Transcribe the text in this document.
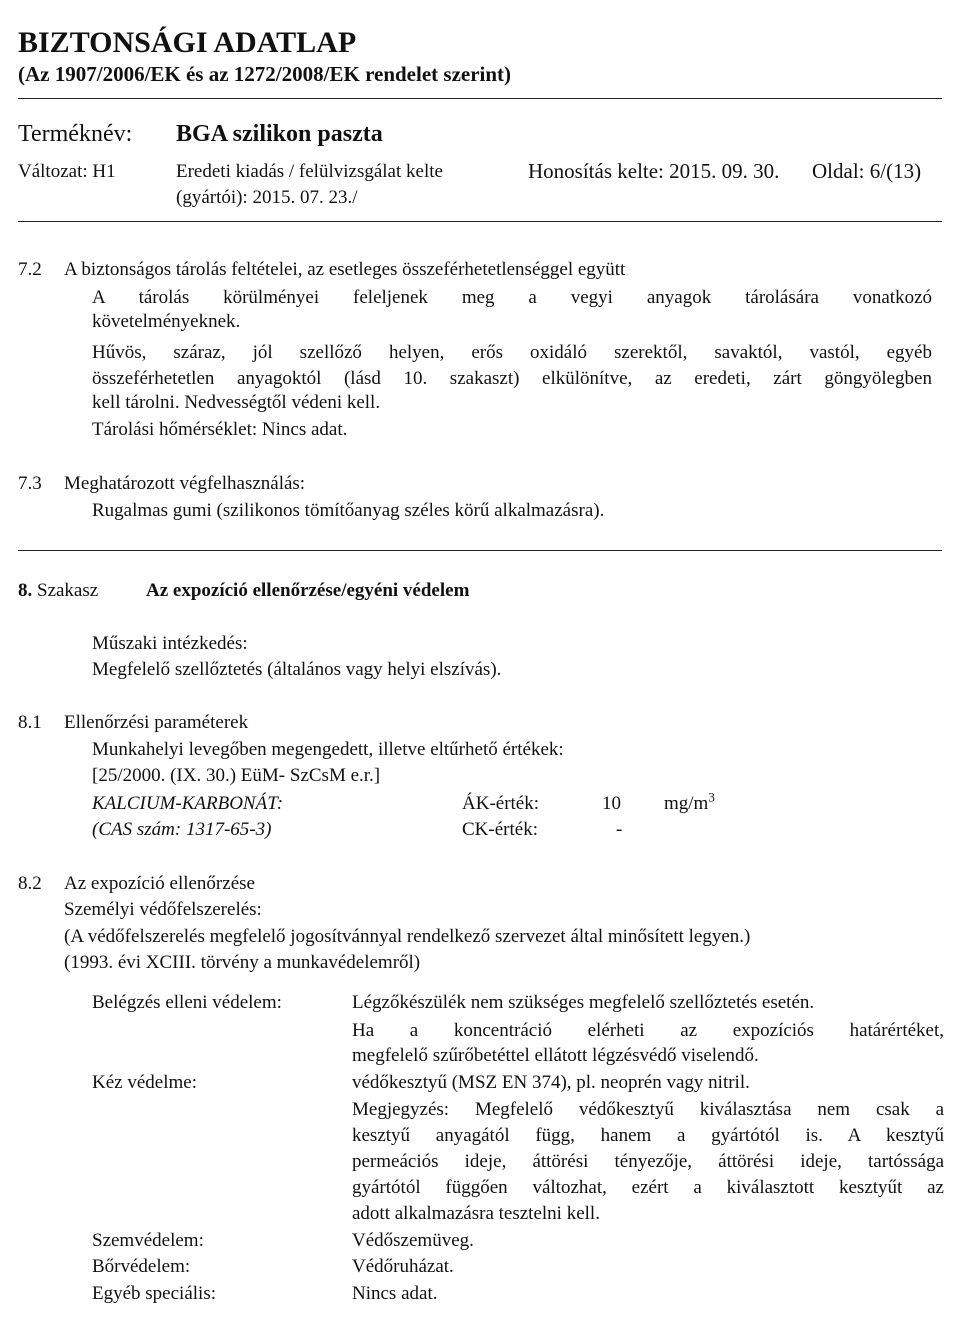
BIZTONSÁGI ADATLAP
(Az 1907/2006/EK és az 1272/2008/EK rendelet szerint)
Terméknév: BGA szilikon paszta
Változat: H1	Eredeti kiadás / felülvizsgálat kelte
(gyártói): 2015. 07. 23./
Honosítás kelte: 2015. 09. 30. Oldal: 6/(13)
7.2 A biztonságos tárolás feltételei, az esetleges összeférhetetlenséggel együtt
A tárolás körülményei feleljenek meg a vegyi anyagok tárolására vonatkozó
követelményeknek.
Hűvös, száraz, jól szellőző helyen, erős oxidáló szerektől, savaktól, vastól, egyéb
összeférhetetlen anyagoktól (lásd 10. szakaszt) elkülönítve, az eredeti, zárt göngyölegben
kell tárolni. Nedvességtől védeni kell.
Tárolási hőmérséklet: Nincs adat.
7.3 Meghatározott végfelhasználás:
Rugalmas gumi (szilikonos tömítőanyag széles körű alkalmazásra).
8. Szakasz	Az expozíció ellenőrzése/egyéni védelem
Műszaki intézkedés:
Megfelelő szellőztetés (általános vagy helyi elszívás).
8.1 Ellenőrzési paraméterek
Munkahelyi levegőben megengedett, illetve eltűrhető értékek:
[25/2000. (IX. 30.) EüM- SzCsM e.r.]
KALCIUM-KARBONÁT:	ÁK-érték:	10 $mg/m^3$
(CAS szám: 1317-65-3)	CK-érték:	-
8.2 Az expozíció ellenőrzése
Személyi védőfelszerelés:
(A védőfelszerelés megfelelő jogosítvánnyal rendelkező szervezet által minősített legyen.)
(1993. évi XCIII. törvény a munkavédelemről)
Belégzés elleni védelem:	Légzőkészülék nem szükséges megfelelő szellőztetés esetén.
Ha a koncentráció elérheti az expozíciós határértéket,
megfelelő szűrőbetéttel ellátott légzésvédő viselendő.
Kéz védelme:	védőkesztyű (MSZ EN 374), pl. neoprén vagy nitril.
Megjegyzés: Megfelelő védőkesztyű kiválasztása nem csak a
kesztyű anyagától függ, hanem a gyártótól is. A kesztyű
permeációs ideje, áttörési tényezője, áttörési ideje, tartóssága
gyártótól függően változhat, ezért a kiválasztott kesztyűt az
adott alkalmazásra tesztelni kell.
Szemvédelem:	Védőszemüveg.
Bőrvédelem:	Védőruházat.
Egyéb speciális:	Nincs adat.
